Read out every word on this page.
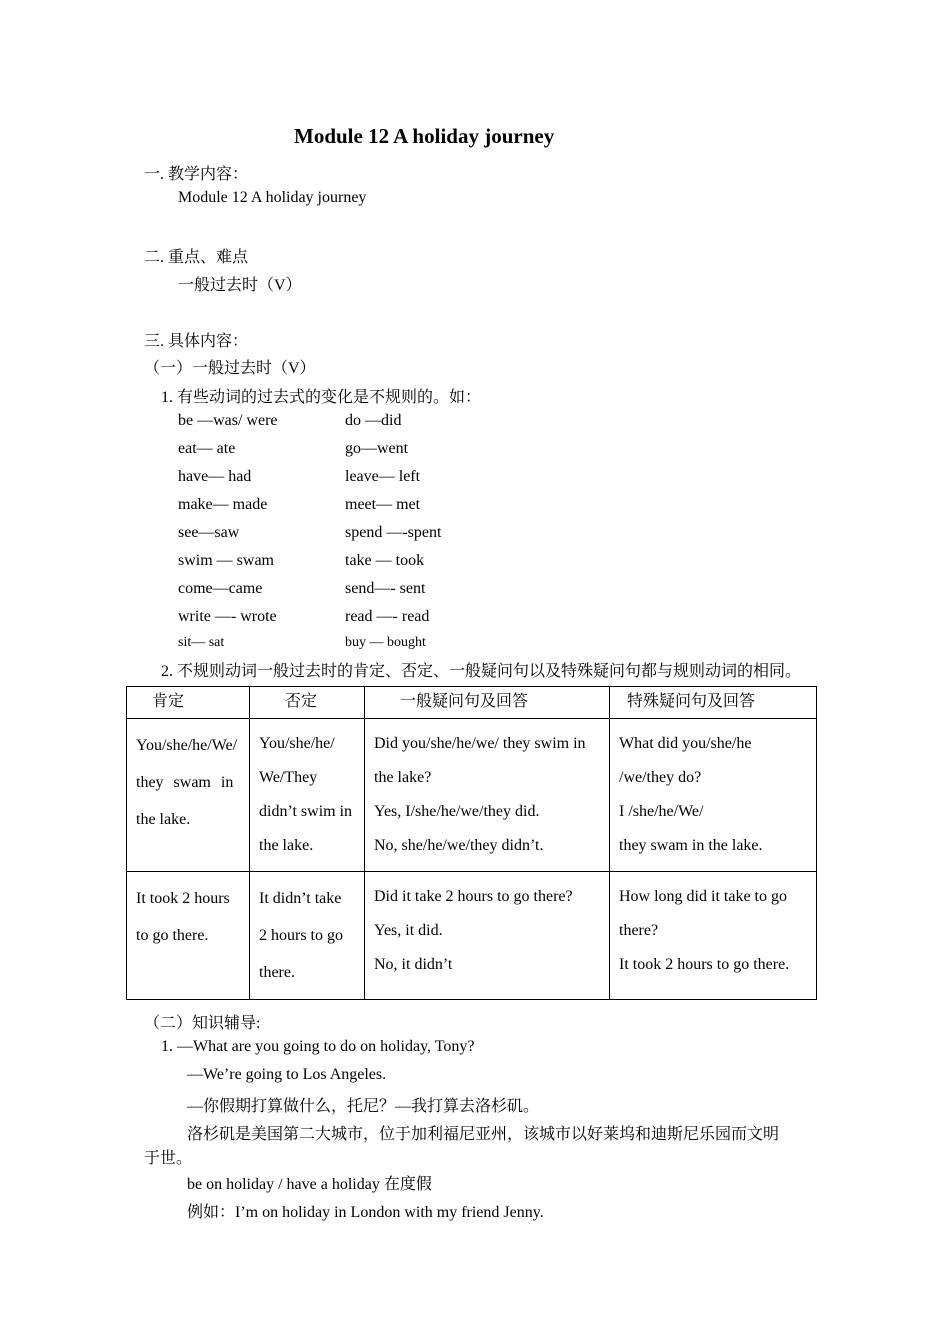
Module 12 A holiday journey
一. 教学内容：
Module 12 A holiday journey
二. 重点、难点
一般过去时（V）
三. 具体内容：
（一）一般过去时（V）
1. 有些动词的过去式的变化是不规则的。如：
be —was/ were	do —did
eat— ate	go—went
have— had	leave— left
make— made	meet— met
see—saw	spend —-spent
swim — swam	take — took
come—came	send—- sent
write —- wrote	read —- read
sit— sat	buy — bought
2. 不规则动词一般过去时的肯定、否定、一般疑问句以及特殊疑问句都与规则动词的相同。
肯定	否定	一般疑问句及回答	特殊疑问句及回答

You/she/he/We/
they swam in
the lake.	You/she/he/
We/They
didn’t swim in
the lake.	Did you/she/he/we/ they swim in
the lake?
Yes, I/she/he/we/they did.
No, she/he/we/they didn’t.	What did you/she/he
/we/they do?
I /she/he/We/
they swam in the lake.

It took 2 hours
to go there.	It didn’t take
2 hours to go
there.	Did it take 2 hours to go there?
Yes, it did.
No, it didn’t	How long did it take to go
there?
It took 2 hours to go there.
（二）知识辅导:
1. —What are you going to do on holiday, Tony?
—We’re going to Los Angeles.
—你假期打算做什么，托尼？—我打算去洛杉矶。
洛杉矶是美国第二大城市，位于加利福尼亚州，该城市以好莱坞和迪斯尼乐园而文明
于世。
be on holiday / have a holiday 在度假
例如：I’m on holiday in London with my friend Jenny.
